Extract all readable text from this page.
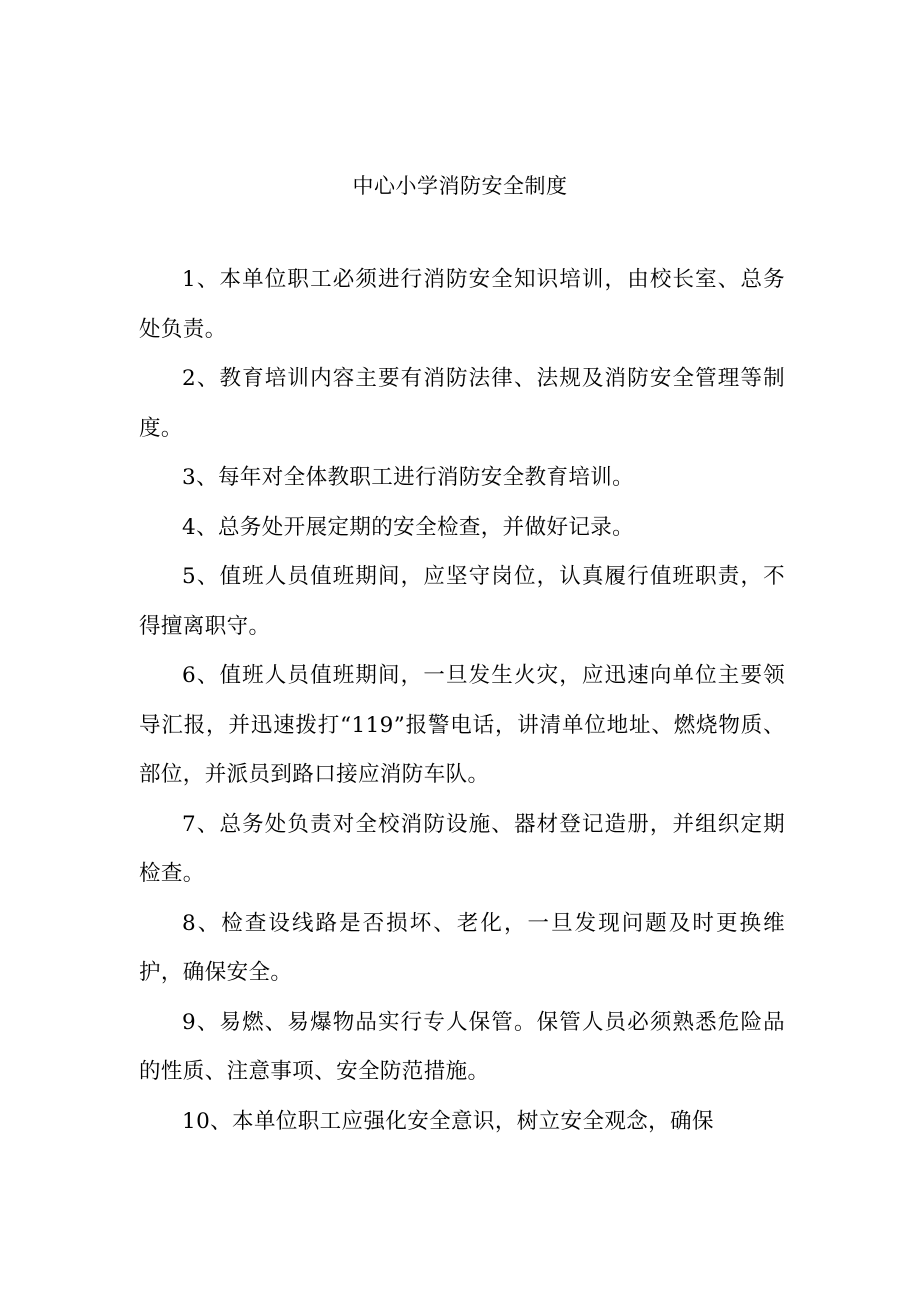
中心小学消防安全制度

1、本单位职工必须进行消防安全知识培训，由校长室、总务处负责。

2、教育培训内容主要有消防法律、法规及消防安全管理等制度。

3、每年对全体教职工进行消防安全教育培训。

4、总务处开展定期的安全检查，并做好记录。

5、值班人员值班期间，应坚守岗位，认真履行值班职责，不得擅离职守。

6、值班人员值班期间，一旦发生火灾，应迅速向单位主要领导汇报，并迅速拨打“119”报警电话，讲清单位地址、燃烧物质、部位，并派员到路口接应消防车队。

7、总务处负责对全校消防设施、器材登记造册，并组织定期检查。

8、检查设线路是否损坏、老化，一旦发现问题及时更换维护，确保安全。

9、易燃、易爆物品实行专人保管。保管人员必须熟悉危险品的性质、注意事项、安全防范措施。

10、本单位职工应强化安全意识，树立安全观念，确保
